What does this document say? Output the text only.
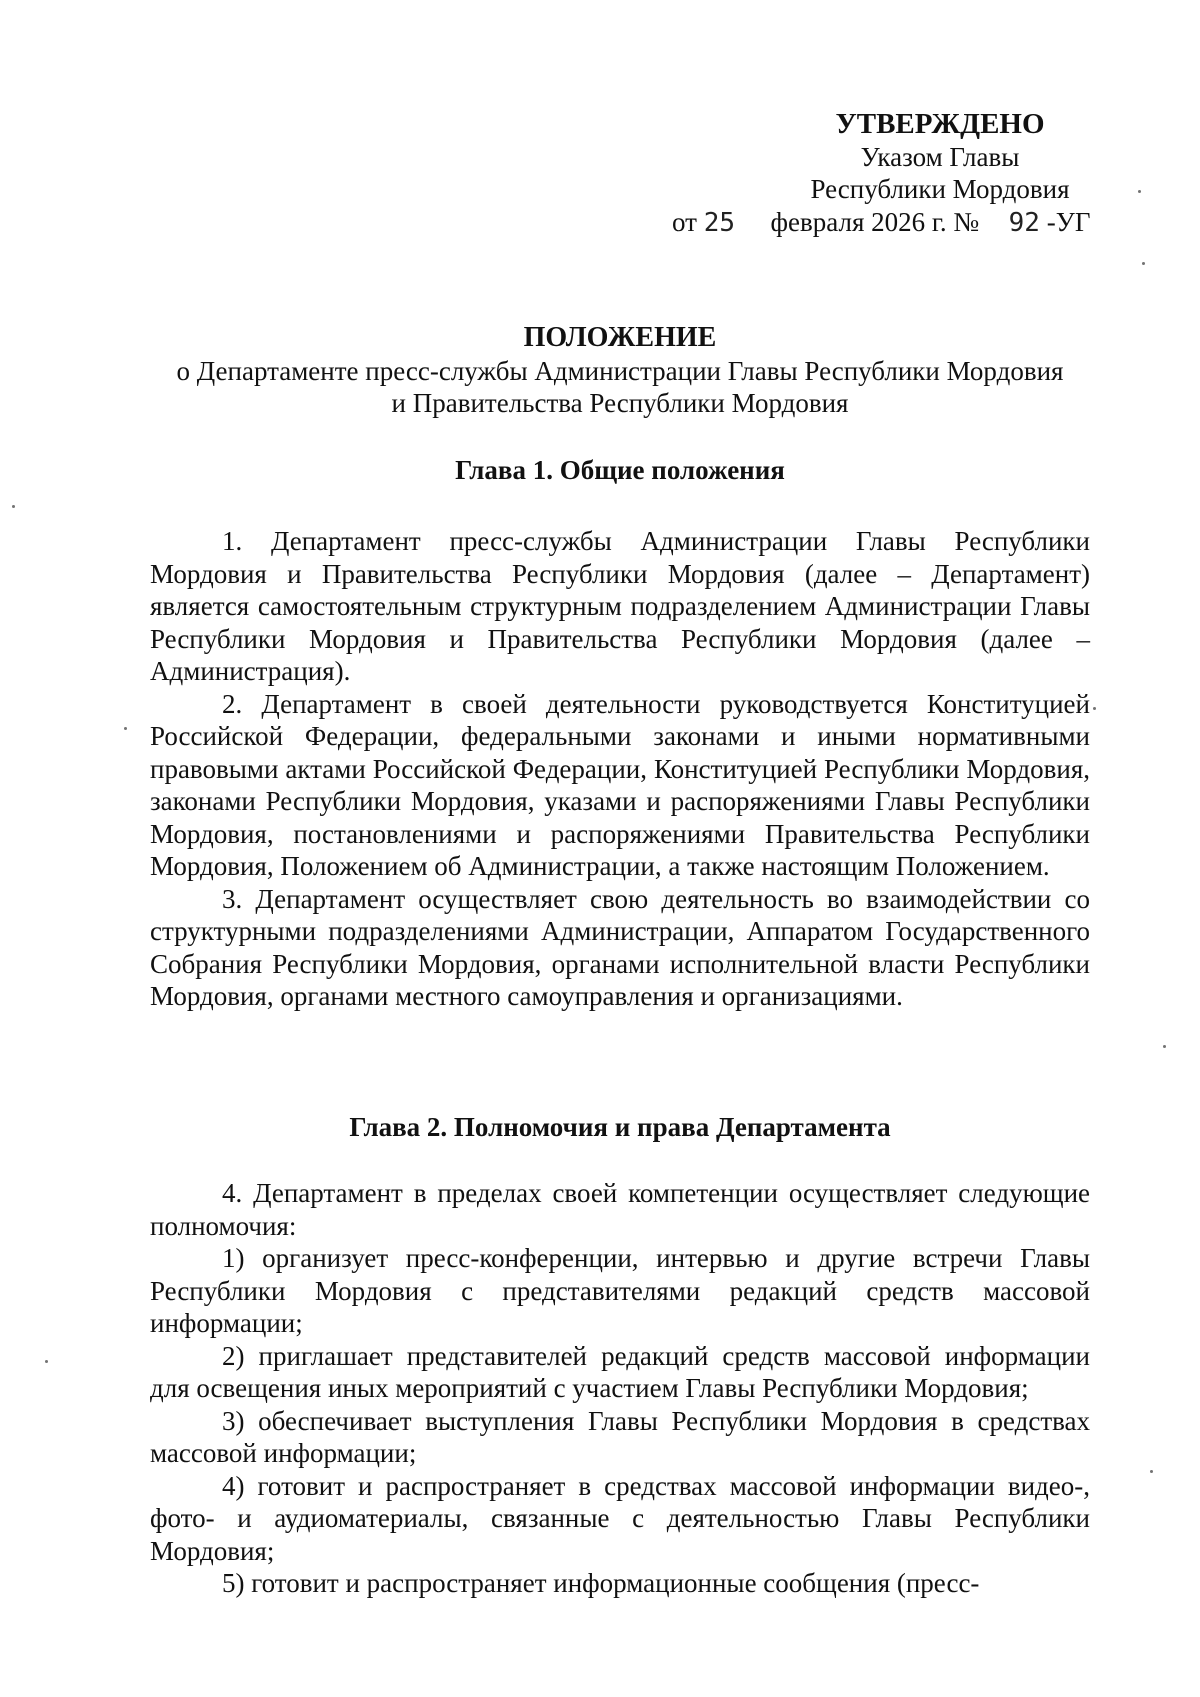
УТВЕРЖДЕНО
Указом Главы
Республики Мордовия
от 25 февраля 2026 г. № 92 -УГ
ПОЛОЖЕНИЕ
о Департаменте пресс-службы Администрации Главы Республики Мордовия
и Правительства Республики Мордовия
Глава 1. Общие положения

1. Департамент пресс-службы Администрации Главы Республики Мордовия и Правительства Республики Мордовия (далее – Департамент) является самостоятельным структурным подразделением Администрации Главы Республики Мордовия и Правительства Республики Мордовия (далее – Администрация).

2. Департамент в своей деятельности руководствуется Конституцией Российской Федерации, федеральными законами и иными нормативными правовыми актами Российской Федерации, Конституцией Республики Мордовия, законами Республики Мордовия, указами и распоряжениями Главы Республики Мордовия, постановлениями и распоряжениями Правительства Республики Мордовия, Положением об Администрации, а также настоящим Положением.

3. Департамент осуществляет свою деятельность во взаимодействии со структурными подразделениями Администрации, Аппаратом Государственного Собрания Республики Мордовия, органами исполнительной власти Республики Мордовия, органами местного самоуправления и организациями.

Глава 2. Полномочия и права Департамента

4. Департамент в пределах своей компетенции осуществляет следующие полномочия:

1) организует пресс-конференции, интервью и другие встречи Главы Республики Мордовия с представителями редакций средств массовой информации;

2) приглашает представителей редакций средств массовой информации для освещения иных мероприятий с участием Главы Республики Мордовия;

3) обеспечивает выступления Главы Республики Мордовия в средствах массовой информации;

4) готовит и распространяет в средствах массовой информации видео-, фото- и аудиоматериалы, связанные с деятельностью Главы Республики Мордовия;

5) готовит и распространяет информационные сообщения (пресс-
